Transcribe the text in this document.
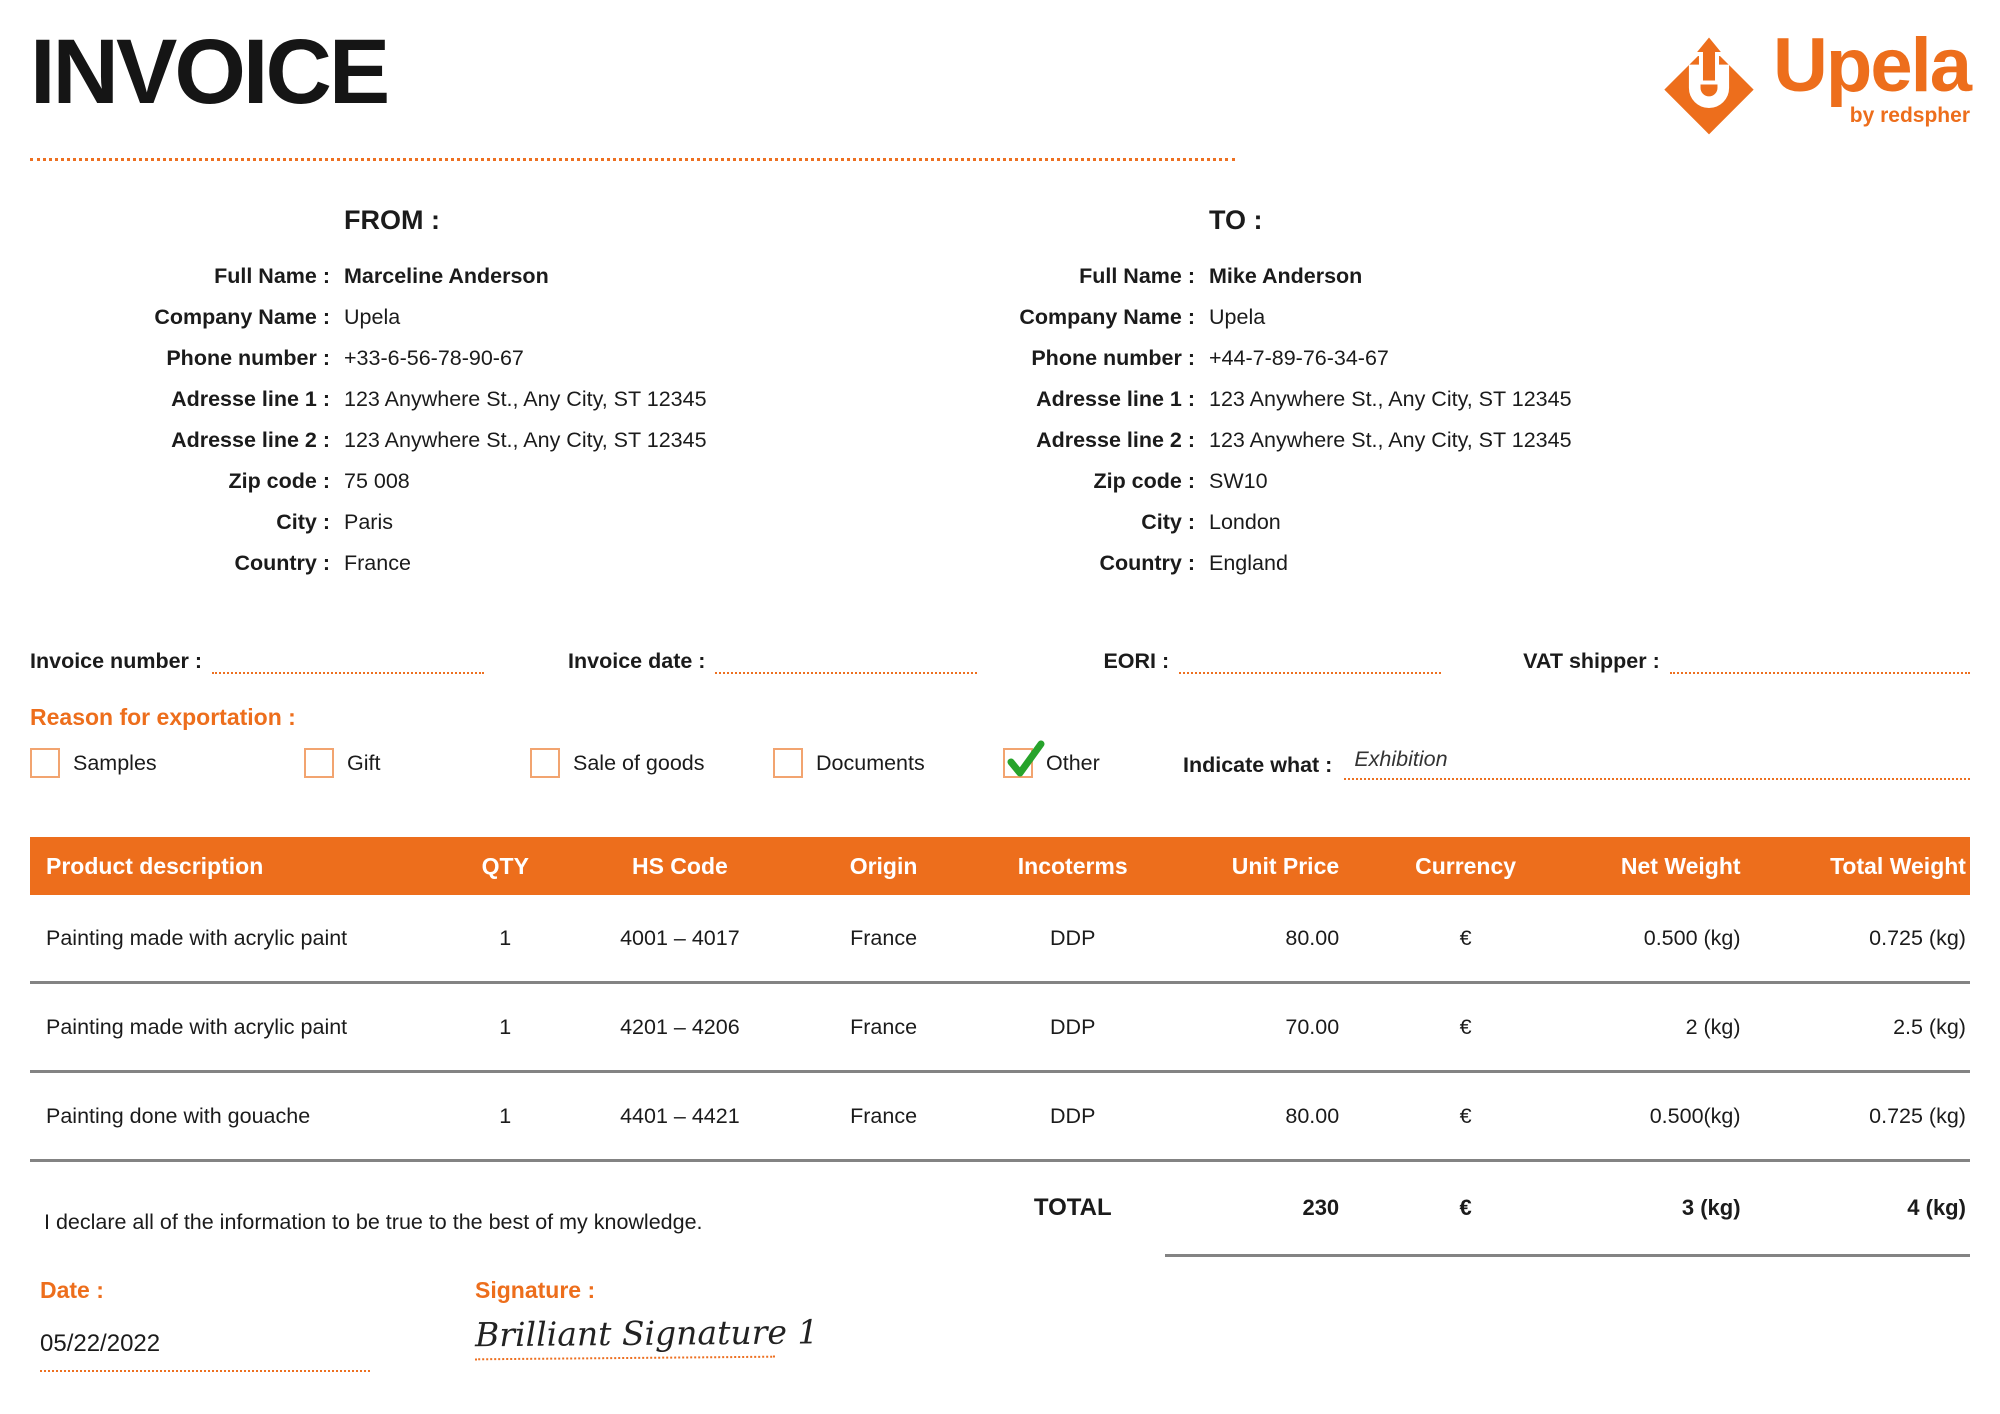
INVOICE	Upela
by redspher
FROM :
Full Name : Marceline Anderson
Company Name : Upela
Phone number : +33-6-56-78-90-67
Adresse line 1 : 123 Anywhere St., Any City, ST 12345
Adresse line 2 : 123 Anywhere St., Any City, ST 12345
Zip code : 75 008
City : Paris
Country : France
TO :
Full Name : Mike Anderson
Company Name : Upela
Phone number : +44-7-89-76-34-67
Adresse line 1 : 123 Anywhere St., Any City, ST 12345
Adresse line 2 : 123 Anywhere St., Any City, ST 12345
Zip code : SW10
City : London
Country : England
Invoice number :	Invoice date :	EORI :	VAT shipper :
Reason for exportation :
Samples	Gift	Sale of goods	Documents	Other	Indicate what :	Exhibition
Product description	QTY	HS Code	Origin	Incoterms	Unit Price	Currency	Net Weight	Total Weight
Painting made with acrylic paint	1	4001 – 4017	France	DDP	80.00	€	0.500 (kg)	0.725 (kg)
Painting made with acrylic paint	1	4201 – 4206	France	DDP	70.00	€	2 (kg)	2.5 (kg)
Painting done with gouache	1	4401 – 4421	France	DDP	80.00	€	0.500(kg)	0.725 (kg)
I declare all of the information to be true to the best of my knowledge.
TOTAL	230	€	3 (kg)	4 (kg)
Date :
05/22/2022
Signature :
Brilliant Signature 1
